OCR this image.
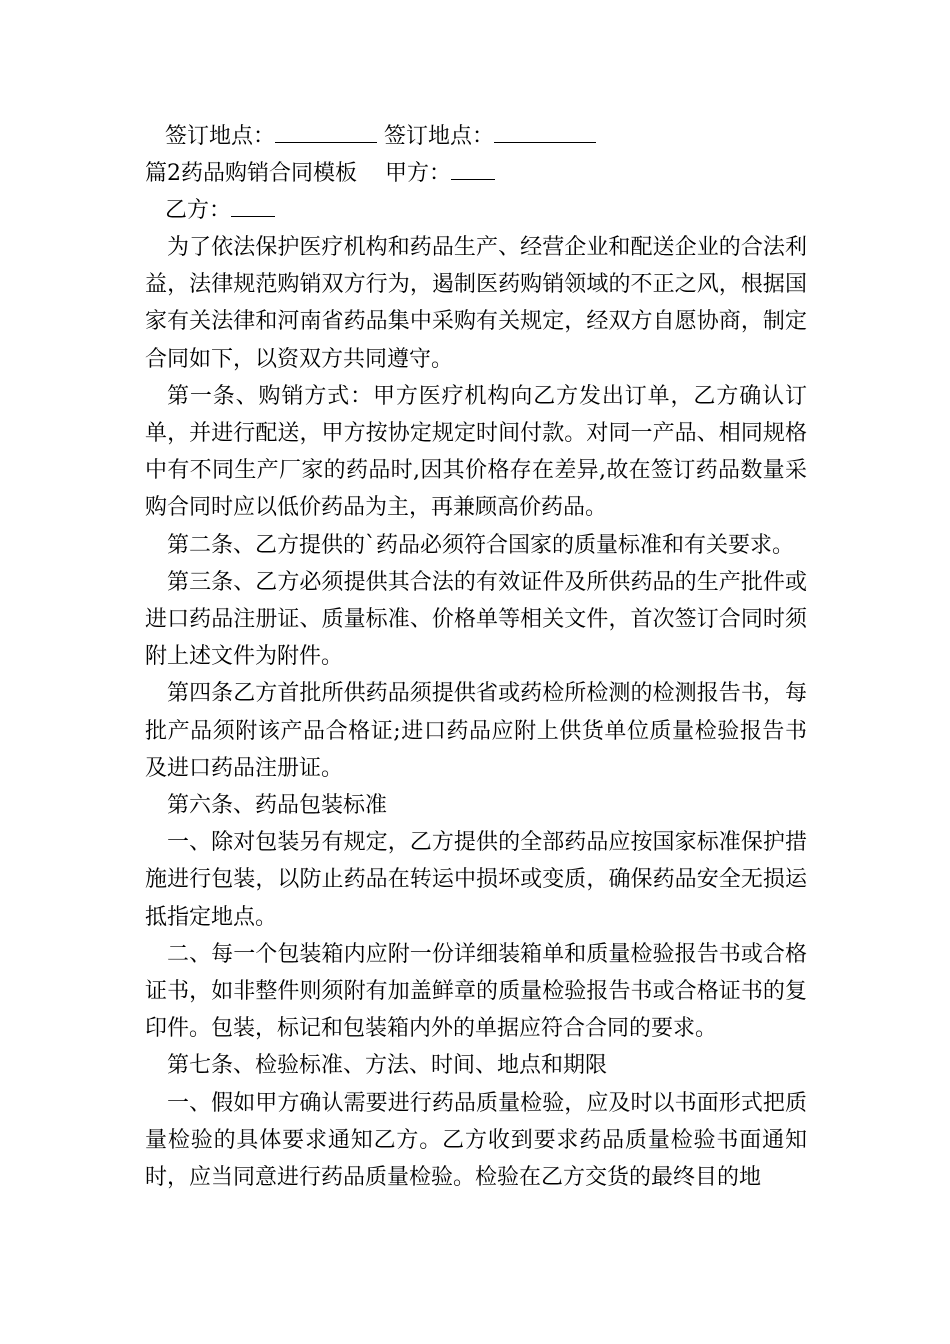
签订地点：	签订地点：
篇2药品购销合同模板 甲方：
乙方：

为了依法保护医疗机构和药品生产、经营企业和配送企业的合法利益，法律规范购销双方行为，遏制医药购销领域的不正之风，根据国家有关法律和河南省药品集中采购有关规定，经双方自愿协商，制定合同如下，以资双方共同遵守。

第一条、购销方式：甲方医疗机构向乙方发出订单，乙方确认订单，并进行配送，甲方按协定规定时间付款。对同一产品、相同规格中有不同生产厂家的药品时,因其价格存在差异,故在签订药品数量采购合同时应以低价药品为主，再兼顾高价药品。

第二条、乙方提供的`药品必须符合国家的质量标准和有关要求。

第三条、乙方必须提供其合法的有效证件及所供药品的生产批件或进口药品注册证、质量标准、价格单等相关文件，首次签订合同时须附上述文件为附件。

第四条乙方首批所供药品须提供省或药检所检测的检测报告书，每批产品须附该产品合格证;进口药品应附上供货单位质量检验报告书及进口药品注册证。

第六条、药品包装标准

一、除对包装另有规定，乙方提供的全部药品应按国家标准保护措施进行包装，以防止药品在转运中损坏或变质，确保药品安全无损运抵指定地点。

二、每一个包装箱内应附一份详细装箱单和质量检验报告书或合格证书，如非整件则须附有加盖鲜章的质量检验报告书或合格证书的复印件。包装，标记和包装箱内外的单据应符合合同的要求。

第七条、检验标准、方法、时间、地点和期限

一、假如甲方确认需要进行药品质量检验，应及时以书面形式把质量检验的具体要求通知乙方。乙方收到要求药品质量检验书面通知时，应当同意进行药品质量检验。检验在乙方交货的最终目的地
